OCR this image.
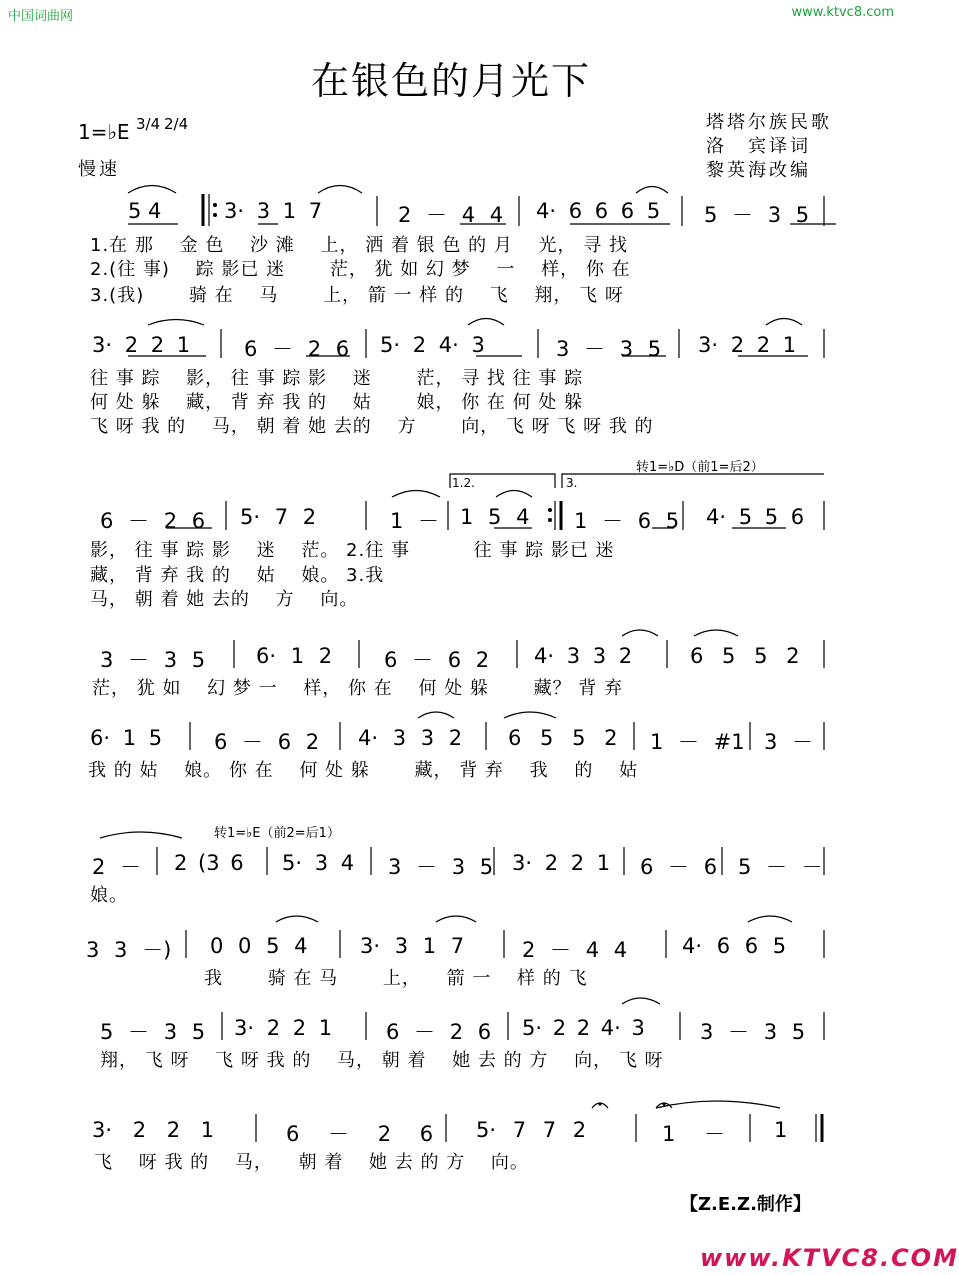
中国词曲网	www.ktvc8.com
在银色的月光下
1=♭E 3/4 2/4
慢速
塔塔尔族民歌
洛　宾译词
黎英海改编
转1=♭D（前1=后2）
转1=♭E（前2=后1）
1.2.	3.
5 4	3· 3 1 7	2 － 4 4 4· 6 6 6 5 5 － 3 5
1.在 那 　金 色 　沙 滩 　上， 洒 着 银 色 的 月 　光， 寻 找
2.(往 事) 　踪 影已 迷 　　茫， 犹 如 幻 梦 　一 　样， 你 在
3.(我) 　　骑 在 　马 　　上， 箭 一 样 的 　飞 　翔， 飞 呀
3· 2 2 1	6 － 2 6 5· 2 4· 3	3 － 3 5 3· 2 2 1
往 事 踪 　影， 往 事 踪 影 　迷 　　茫， 寻 找 往 事 踪
何 处 躲 　藏， 背 弃 我 的 　姑 　　娘， 你 在 何 处 躲
飞 呀 我 的 　马， 朝 着 她 去的 　方 　　向， 飞 呀 飞 呀 我 的
6 － 2 6 5· 7 2	1 － 1 5 4 1 － 6 5 4· 5 5 6
影， 往 事 踪 影 　迷 　茫。 2.往 事 　　　往 事 踪 影已 迷
藏， 背 弃 我 的 　姑 　娘。 3.我
马， 朝 着 她 去的 　方 　向。
3 － 3 5 6· 1 2 6 － 6 2 4· 3 3 2	6 5 5 2
茫， 犹 如 　幻 梦 一 　样， 你 在 　何 处 躲 　　藏？ 背 弃
6· 1 5 6 － 6 2 4· 3 3 2 6 5 5 2 1 － #1 3 －
我 的 姑 　娘。 你 在 　何 处 躲 　　藏， 背 弃 　我 　的 　姑
2 － 2 (3 6 5· 3 4 3 － 3 5 3· 2 2 1 6 － 6 5 － －
娘。
3 3 －) 0 0 5 4	3· 3 1 7	2 － 4 4	4· 6 6 5
　　　　　　我 　　骑 在 马 　　上， 　箭 一 　样 的 飞
5 － 3 5 3· 2 2 1	6 － 2 6 5· 2 2 4· 3	3 － 3 5
翔， 飞 呀 　飞 呀 我 的 　马， 朝 着 　她 去 的 方 　向， 飞 呀
3· 2 2 1	6 － 2 6 5· 7 7 2	1 － 1
飞 　呀 我 的 　马， 　朝 着 　她 去 的 方 　向。
【Z.E.Z.制作】
www.KTVC8.COM
